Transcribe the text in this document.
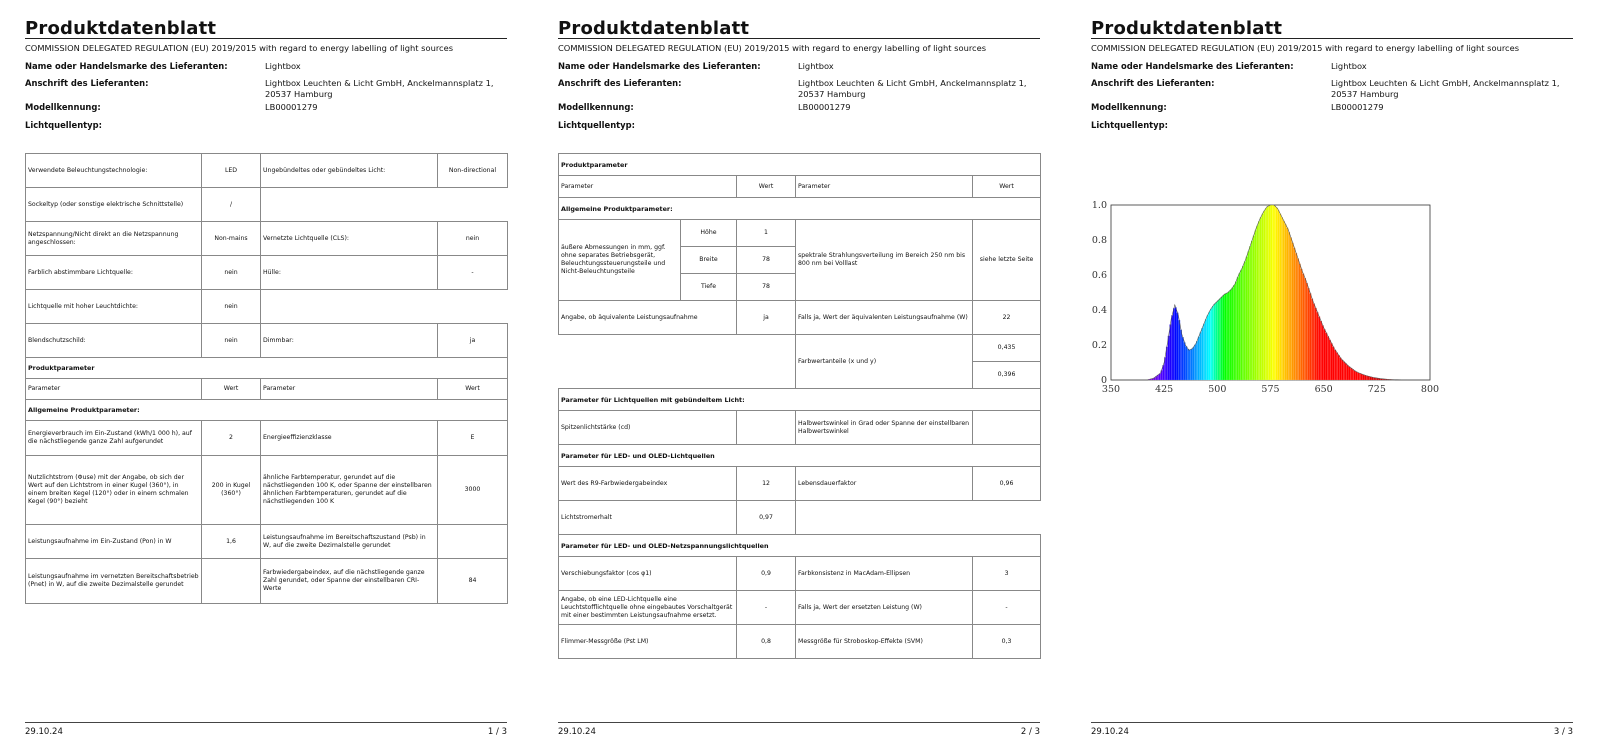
Produktdatenblatt
COMMISSION DELEGATED REGULATION (EU) 2019/2015 with regard to energy labelling of light sources
Name oder Handelsmarke des Lieferanten:	Lightbox
Anschrift des Lieferanten:	Lightbox Leuchten & Licht GmbH, Anckelmannsplatz 1,
20537 Hamburg
Modellkennung:	LB00001279
Lichtquellentyp:
Verwendete Beleuchtungstechnologie:	LED	Ungebündeltes oder gebündeltes Licht:	Non-directional
Sockeltyp (oder sonstige elektrische Schnittstelle)	/		
Netzspannung/Nicht direkt an die Netzspannung angeschlossen:	Non-mains	Vernetzte Lichtquelle (CLS):	nein
Farblich abstimmbare Lichtquelle:	nein	Hülle:	-
Lichtquelle mit hoher Leuchtdichte:	nein		
Blendschutzschild:	nein	Dimmbar:	ja
Produktparameter			
Parameter	Wert	Parameter	Wert
Allgemeine Produktparameter:			
Energieverbrauch im Ein-Zustand (kWh/1 000 h), auf die nächstliegende ganze Zahl aufgerundet	2	Energieeffizienzklasse	E
Nutzlichtstrom (Φuse) mit der Angabe, ob sich der Wert auf den Lichtstrom in einer Kugel (360°), in einem breiten Kegel (120°) oder in einem schmalen Kegel (90°) bezieht	200 in Kugel (360°)	ähnliche Farbtemperatur, gerundet auf die nächstliegenden 100 K, oder Spanne der einstellbaren ähnlichen Farbtemperaturen, gerundet auf die nächstliegenden 100 K	3000
Leistungsaufnahme im Ein-Zustand (Pon) in W	1,6	Leistungsaufnahme im Bereitschaftszustand (Psb) in W, auf die zweite Dezimalstelle gerundet	
Leistungsaufnahme im vernetzten Bereitschaftsbetrieb (Pnet) in W, auf die zweite Dezimalstelle gerundet		Farbwiedergabeindex, auf die nächstliegende ganze Zahl gerundet, oder Spanne der einstellbaren CRI-Werte	84
29.10.24	1 / 3
Produktdatenblatt
COMMISSION DELEGATED REGULATION (EU) 2019/2015 with regard to energy labelling of light sources
Name oder Handelsmarke des Lieferanten:	Lightbox
Anschrift des Lieferanten:	Lightbox Leuchten & Licht GmbH, Anckelmannsplatz 1,
20537 Hamburg
Modellkennung:	LB00001279
Lichtquellentyp:
Produktparameter				
Parameter		Wert	Parameter	Wert
Allgemeine Produktparameter:				
äußere Abmessungen in mm, ggf. ohne separates Betriebsgerät, Beleuchtungssteuerungsteile und Nicht-Beleuchtungsteile	Höhe	1	spektrale Strahlungsverteilung im Bereich 250 nm bis 800 nm bei Volllast	siehe letzte Seite
	Breite	78		
	Tiefe	78		
Angabe, ob äquivalente Leistungsaufnahme		ja	Falls ja, Wert der äquivalenten Leistungsaufnahme (W)	22
			Farbwertanteile (x und y)	0,435
				0,396
Parameter für Lichtquellen mit gebündeltem Licht:				
Spitzenlichtstärke (cd)			Halbwertswinkel in Grad oder Spanne der einstellbaren Halbwertswinkel	
Parameter für LED- und OLED-Lichtquellen				
Wert des R9-Farbwiedergabeindex		12	Lebensdauerfaktor	0,96
Lichtstromerhalt		0,97		
Parameter für LED- und OLED-Netzspannungslichtquellen				
Verschiebungsfaktor (cos φ1)		0,9	Farbkonsistenz in MacAdam-Ellipsen	3
Angabe, ob eine LED-Lichtquelle eine Leuchtstofflichtquelle ohne eingebautes Vorschaltgerät mit einer bestimmten Leistungsaufnahme ersetzt.		-	Falls ja, Wert der ersetzten Leistung (W)	-
Flimmer-Messgröße (Pst LM)		0,8	Messgröße für Stroboskop-Effekte (SVM)	0,3
29.10.24	2 / 3
Produktdatenblatt
COMMISSION DELEGATED REGULATION (EU) 2019/2015 with regard to energy labelling of light sources
Name oder Handelsmarke des Lieferanten:	Lightbox
Anschrift des Lieferanten:	Lightbox Leuchten & Licht GmbH, Anckelmannsplatz 1,
20537 Hamburg
Modellkennung:	LB00001279
Lichtquellentyp:
350	425	500	575	650	725	800
0
0.2
0.4
0.6
0.8
1.0
29.10.24	3 / 3
